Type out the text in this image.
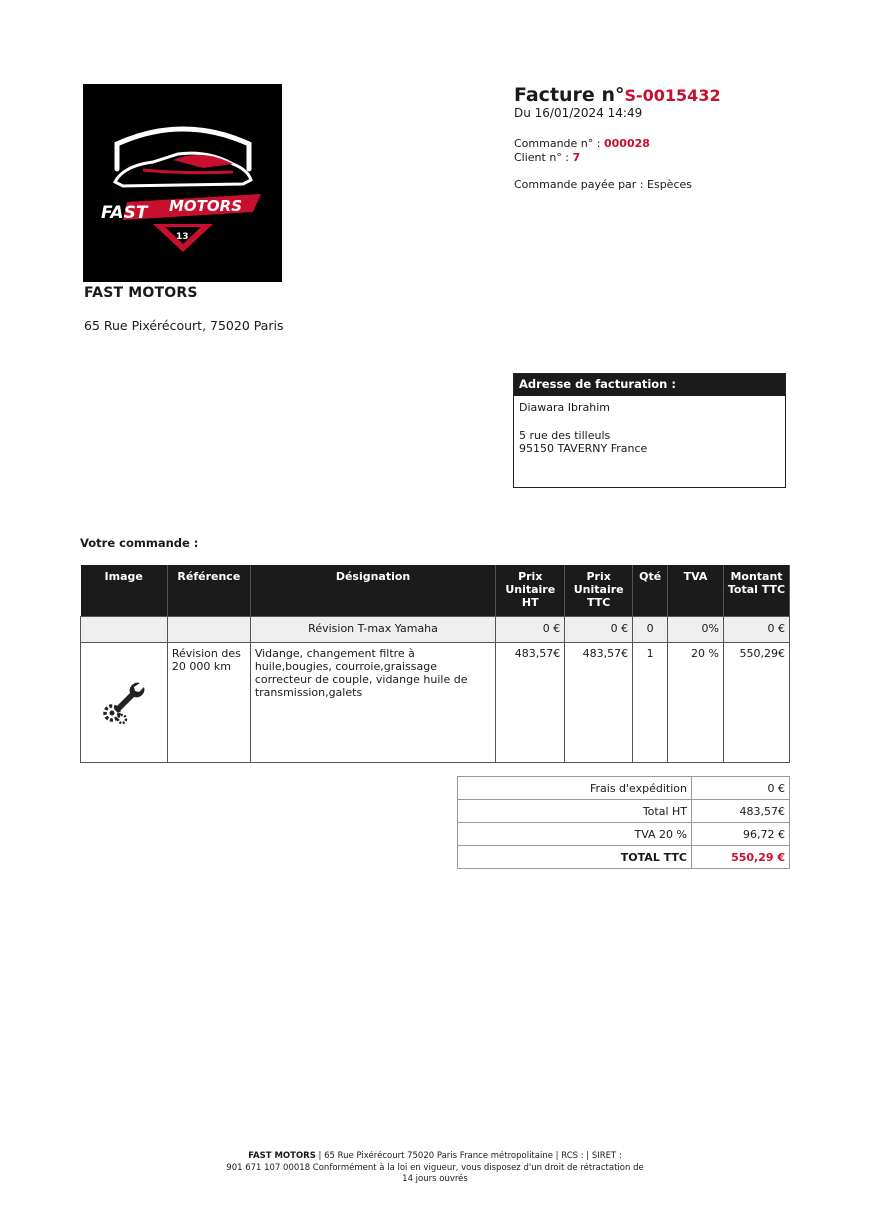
FAST MOTORS
13
FAST MOTORS
65 Rue Pixérécourt, 75020 Paris
Facture n°S-0015432
Du 16/01/2024 14:49
Commande n° : 000028
Client n° : 7
Commande payée par : Espèces
Adresse de facturation :
Diawara Ibrahim
5 rue des tilleuls
95150 TAVERNY France
Votre commande :
Image	Référence	Désignation	Prix Unitaire HT	Prix Unitaire TTC	Qté	TVA	Montant Total TTC
		Révision T-max Yamaha	0 €	0 €	0	0%	0 €
	Révision des 20 000 km	Vidange, changement filtre à huile,bougies, courroie,graissage correcteur de couple, vidange huile de transmission,galets	483,57€	483,57€	1	20 %	550,29€
Frais d'expédition	0 €
Total HT	483,57€
TVA 20 %	96,72 €
TOTAL TTC	550,29 €
FAST MOTORS | 65 Rue Pixérécourt 75020 Paris France métropolitaine | RCS : | SIRET :
901 671 107 00018 Conformément à la loi en vigueur, vous disposez d'un droit de rétractation de
14 jours ouvrés
